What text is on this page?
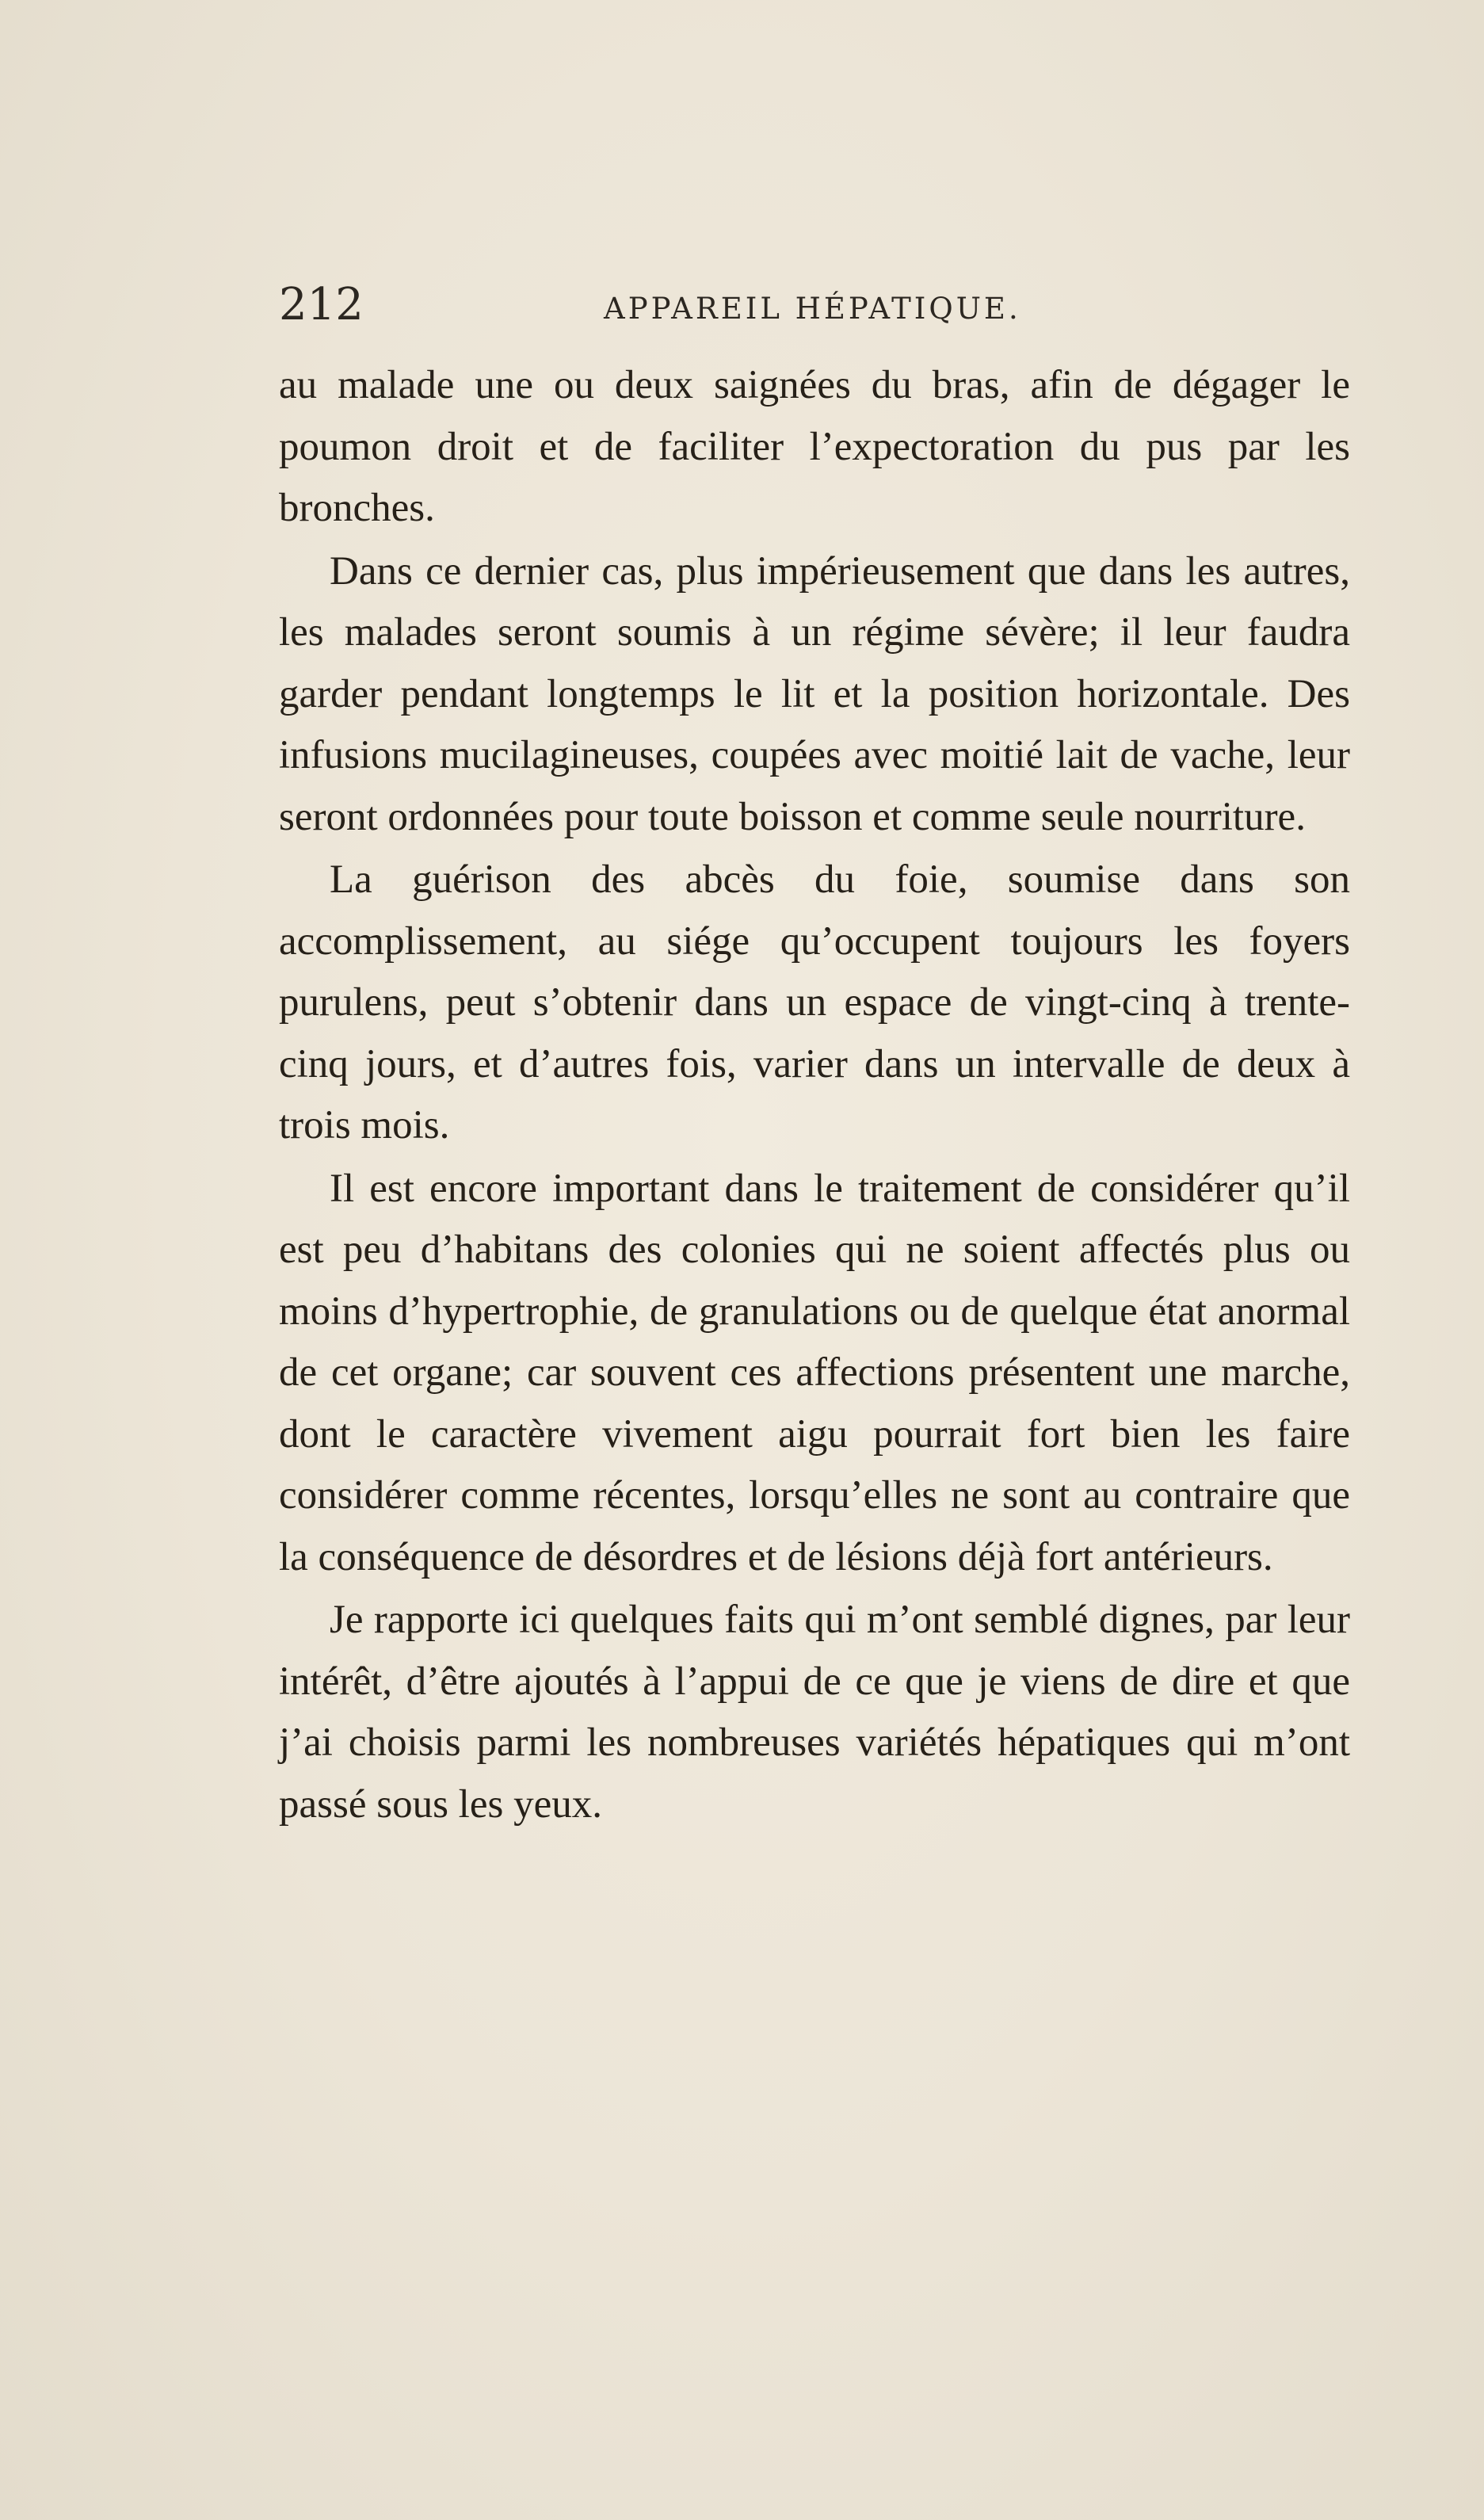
212	APPAREIL HÉPATIQUE.

au malade une ou deux saignées du bras, afin de dégager le poumon droit et de faciliter l’expectoration du pus par les bronches.

Dans ce dernier cas, plus impérieusement que dans les autres, les malades seront soumis à un régime sévère; il leur faudra garder pendant longtemps le lit et la position horizontale. Des infusions mucilagineuses, coupées avec moitié lait de vache, leur seront ordonnées pour toute boisson et comme seule nourriture.

La guérison des abcès du foie, soumise dans son accomplissement, au siége qu’occupent toujours les foyers purulens, peut s’obtenir dans un espace de vingt-cinq à trente-cinq jours, et d’autres fois, varier dans un intervalle de deux à trois mois.

Il est encore important dans le traitement de considérer qu’il est peu d’habitans des colonies qui ne soient affectés plus ou moins d’hypertrophie, de granulations ou de quelque état anormal de cet organe; car souvent ces affections présentent une marche, dont le caractère vivement aigu pourrait fort bien les faire considérer comme récentes, lorsqu’elles ne sont au contraire que la conséquence de désordres et de lésions déjà fort antérieurs.

Je rapporte ici quelques faits qui m’ont semblé dignes, par leur intérêt, d’être ajoutés à l’appui de ce que je viens de dire et que j’ai choisis parmi les nombreuses variétés hépatiques qui m’ont passé sous les yeux.
